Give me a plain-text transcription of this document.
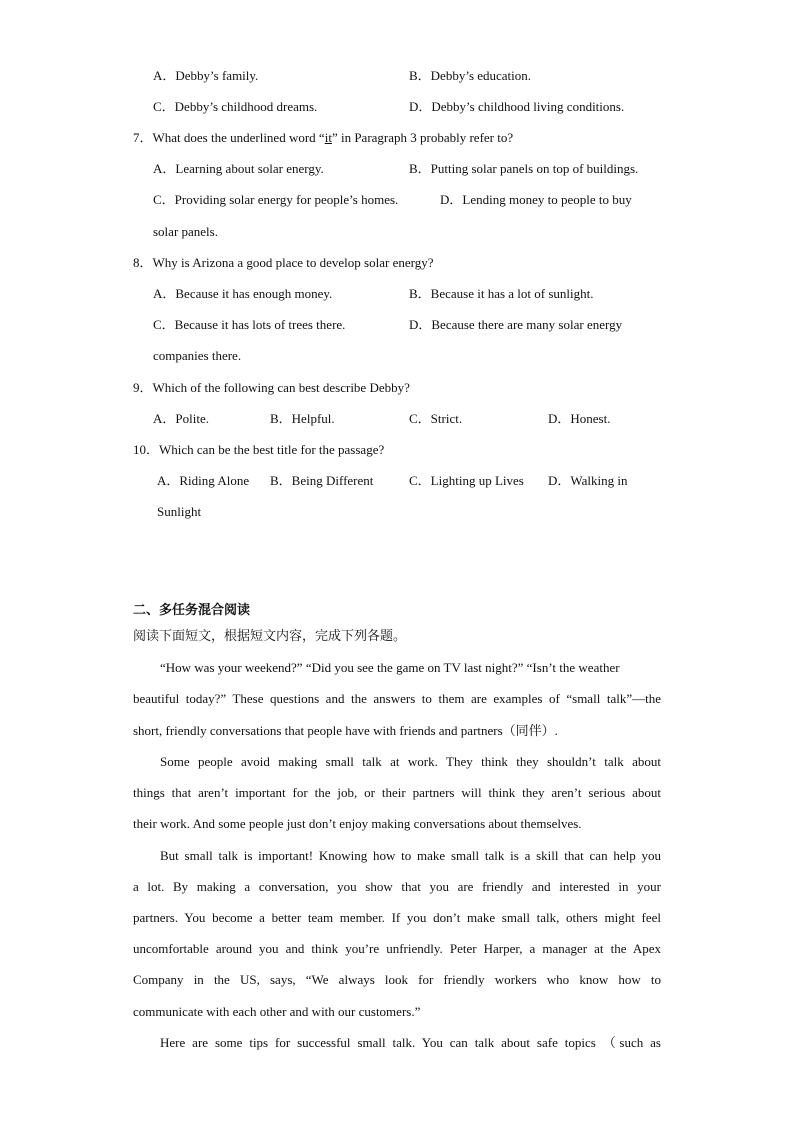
A．Debby’s family.	B．Debby’s education.
C．Debby’s childhood dreams.	D．Debby’s childhood living conditions.
7．What does the underlined word “it” in Paragraph 3 probably refer to?
A．Learning about solar energy.	B．Putting solar panels on top of buildings.
C．Providing solar energy for people’s homes.	D．Lending money to people to buy
solar panels.
8．Why is Arizona a good place to develop solar energy?
A．Because it has enough money.	B．Because it has a lot of sunlight.
C．Because it has lots of trees there.	D．Because there are many solar energy
companies there.
9．Which of the following can best describe Debby?
A．Polite.	B．Helpful.	C．Strict.	D．Honest.
10．Which can be the best title for the passage?
A．Riding Alone B．Being Different	C．Lighting up Lives D．Walking in
Sunlight
二、多任务混合阅读
阅读下面短文，根据短文内容，完成下列各题。
“How was your weekend?” “Did you see the game on TV last night?” “Isn’t the weather
beautiful today?” These questions and the answers to them are examples of “small talk”—the
short, friendly conversations that people have with friends and partners（同伴）.
Some people avoid making small talk at work. They think they shouldn’t talk about
things that aren’t important for the job, or their partners will think they aren’t serious about
their work. And some people just don’t enjoy making conversations about themselves.
But small talk is important! Knowing how to make small talk is a skill that can help you
a lot. By making a conversation, you show that you are friendly and interested in your
partners. You become a better team member. If you don’t make small talk, others might feel
uncomfortable around you and think you’re unfriendly. Peter Harper, a manager at the Apex
Company in the US, says, “We always look for friendly workers who know how to
communicate with each other and with our customers.”
Here are some tips for successful small talk. You can talk about safe topics （such as
